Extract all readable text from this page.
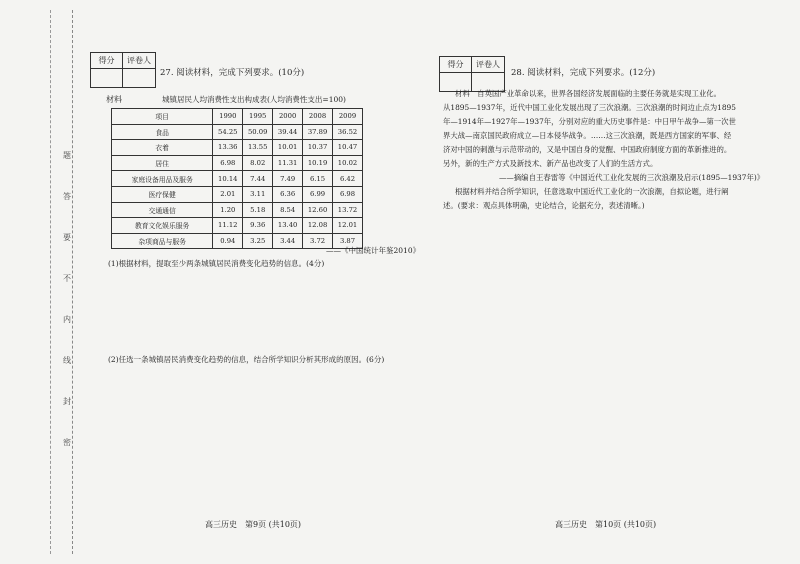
题
答
要
不
内
线
封
密
得分	评卷人
27. 阅读材料，完成下列要求。(10分)
材料	城镇居民人均消费性支出构成表(人均消费性支出=100)
项目	1990	1995	2000	2008	2009
食品	54.25	50.09	39.44	37.89	36.52
衣着	13.36	13.55	10.01	10.37	10.47
居住	6.98	8.02	11.31	10.19	10.02
家庭设备用品及服务	10.14	7.44	7.49	6.15	6.42
医疗保健	2.01	3.11	6.36	6.99	6.98
交通通信	1.20	5.18	8.54	12.60	13.72
教育文化娱乐服务	11.12	9.36	13.40	12.08	12.01
杂项商品与服务	0.94	3.25	3.44	3.72	3.87
——《中国统计年鉴2010》
(1)根据材料，提取至少两条城镇居民消费变化趋势的信息。(4分)
(2)任选一条城镇居民消费变化趋势的信息，结合所学知识分析其形成的原因。(6分)
高三历史　第9页 (共10页)
得分	评卷人
28. 阅读材料，完成下列要求。(12分)
材料　自英国产业革命以来，世界各国经济发展面临的主要任务就是实现工业化。
从1895—1937年，近代中国工业化发展出现了三次浪潮。三次浪潮的时间边止点为1895
年—1914年—1927年—1937年，分别对应的重大历史事件是：中日甲午战争—第一次世
界大战—南京国民政府成立—日本侵华战争。……这三次浪潮，既是西方国家的军事、经
济对中国的刺激与示范带动的，又是中国自身的觉醒、中国政府制度方面的革新推进的。
另外，新的生产方式及新技术、新产品也改变了人们的生活方式。
——摘编自王春雷等《中国近代工业化发展的三次浪潮及启示(1895—1937年)》
根据材料并结合所学知识，任意选取中国近代工业化的一次浪潮，自拟论题，进行阐
述。(要求：观点具体明确，史论结合，论据充分，表述清晰。)
高三历史　第10页 (共10页)
